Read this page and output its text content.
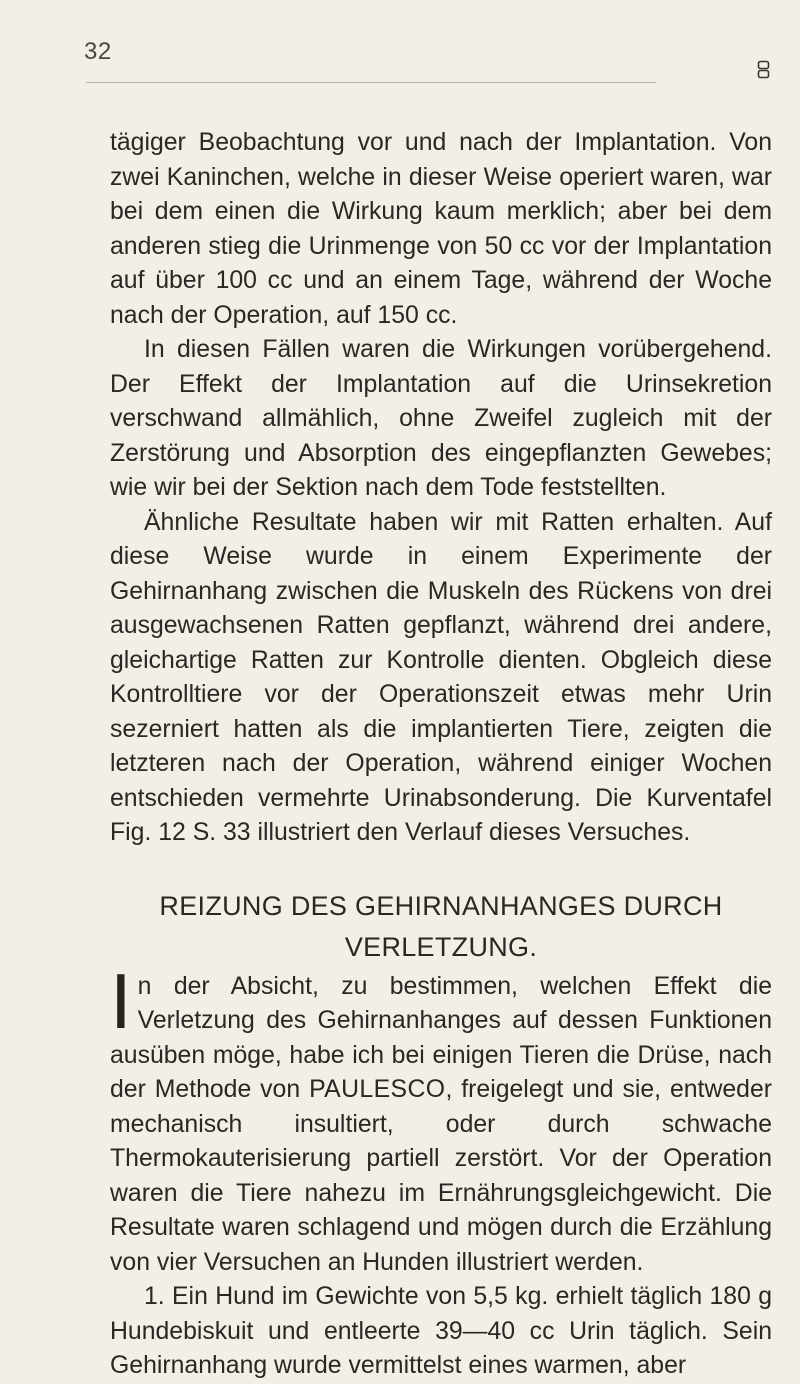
32

tägiger Beobachtung vor und nach der Implantation. Von zwei Kaninchen, welche in dieser Weise operiert waren, war bei dem einen die Wirkung kaum merklich; aber bei dem anderen stieg die Urinmenge von 50 cc vor der Implantation auf über 100 cc und an einem Tage, während der Woche nach der Operation, auf 150 cc.

In diesen Fällen waren die Wirkungen vorübergehend. Der Effekt der Implantation auf die Urinsekretion verschwand allmählich, ohne Zweifel zugleich mit der Zerstörung und Absorption des eingepflanzten Gewebes; wie wir bei der Sektion nach dem Tode feststellten.

Ähnliche Resultate haben wir mit Ratten erhalten. Auf diese Weise wurde in einem Experimente der Gehirnanhang zwischen die Muskeln des Rückens von drei ausgewachsenen Ratten gepflanzt, während drei andere, gleichartige Ratten zur Kontrolle dienten. Obgleich diese Kontrolltiere vor der Operationszeit etwas mehr Urin sezerniert hatten als die implantierten Tiere, zeigten die letzteren nach der Operation, während einiger Wochen entschieden vermehrte Urinabsonderung. Die Kurventafel Fig. 12 S. 33 illustriert den Verlauf dieses Versuches.

REIZUNG DES GEHIRNANHANGES DURCH
VERLETZUNG.

In der Absicht, zu bestimmen, welchen Effekt die Verletzung des Gehirnanhanges auf dessen Funktionen ausüben möge, habe ich bei einigen Tieren die Drüse, nach der Methode von PAULESCO, freigelegt und sie, entweder mechanisch insultiert, oder durch schwache Thermokauterisierung partiell zerstört. Vor der Operation waren die Tiere nahezu im Ernährungsgleichgewicht. Die Resultate waren schlagend und mögen durch die Erzählung von vier Versuchen an Hunden illustriert werden.

1. Ein Hund im Gewichte von 5,5 kg. erhielt täglich 180 g Hundebiskuit und entleerte 39—40 cc Urin täglich. Sein Gehirnanhang wurde vermittelst eines warmen, aber
